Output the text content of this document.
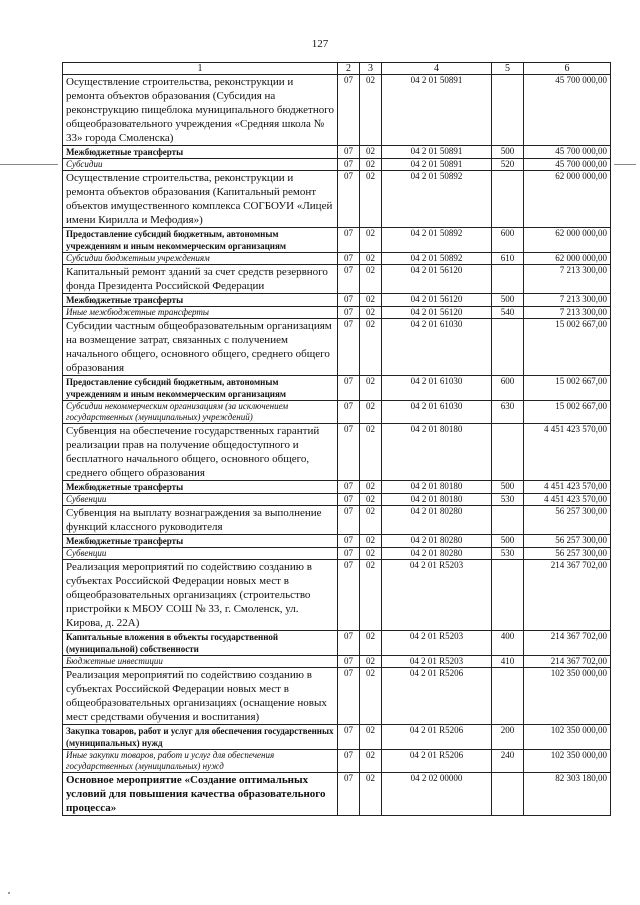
127
1	2	3	4	5	6
Осуществление строительства, реконструкции и ремонта объектов образования (Субсидия на реконструкцию пищеблока муниципального бюджетного общеобразовательного учреждения «Средняя школа № 33» города Смоленска)	07	02	04 2 01 50891		45 700 000,00
Межбюджетные трансферты	07	02	04 2 01 50891	500	45 700 000,00
Субсидии	07	02	04 2 01 50891	520	45 700 000,00
Осуществление строительства, реконструкции и ремонта объектов образования (Капитальный ремонт объектов имущественного комплекса СОГБОУИ «Лицей имени Кирилла и Мефодия»)	07	02	04 2 01 50892		62 000 000,00
Предоставление субсидий бюджетным, автономным учреждениям и иным некоммерческим организациям	07	02	04 2 01 50892	600	62 000 000,00
Субсидии бюджетным учреждениям	07	02	04 2 01 50892	610	62 000 000,00
Капитальный ремонт зданий за счет средств резервного фонда Президента Российской Федерации	07	02	04 2 01 56120		7 213 300,00
Межбюджетные трансферты	07	02	04 2 01 56120	500	7 213 300,00
Иные межбюджетные трансферты	07	02	04 2 01 56120	540	7 213 300,00
Субсидии частным общеобразовательным организациям на возмещение затрат, связанных с получением начального общего, основного общего, среднего общего образования	07	02	04 2 01 61030		15 002 667,00
Предоставление субсидий бюджетным, автономным учреждениям и иным некоммерческим организациям	07	02	04 2 01 61030	600	15 002 667,00
Субсидии некоммерческим организациям (за исключением государственных (муниципальных) учреждений)	07	02	04 2 01 61030	630	15 002 667,00
Субвенция на обеспечение государственных гарантий реализации прав на получение общедоступного и бесплатного начального общего, основного общего, среднего общего образования	07	02	04 2 01 80180		4 451 423 570,00
Межбюджетные трансферты	07	02	04 2 01 80180	500	4 451 423 570,00
Субвенции	07	02	04 2 01 80180	530	4 451 423 570,00
Субвенция на выплату вознаграждения за выполнение функций классного руководителя	07	02	04 2 01 80280		56 257 300,00
Межбюджетные трансферты	07	02	04 2 01 80280	500	56 257 300,00
Субвенции	07	02	04 2 01 80280	530	56 257 300,00
Реализация мероприятий по содействию созданию в субъектах Российской Федерации новых мест в общеобразовательных организациях (строительство пристройки к МБОУ СОШ № 33, г. Смоленск, ул. Кирова, д. 22А)	07	02	04 2 01 R5203		214 367 702,00
Капитальные вложения в объекты государственной (муниципальной) собственности	07	02	04 2 01 R5203	400	214 367 702,00
Бюджетные инвестиции	07	02	04 2 01 R5203	410	214 367 702,00
Реализация мероприятий по содействию созданию в субъектах Российской Федерации новых мест в общеобразовательных организациях (оснащение новых мест средствами обучения и воспитания)	07	02	04 2 01 R5206		102 350 000,00
Закупка товаров, работ и услуг для обеспечения государственных (муниципальных) нужд	07	02	04 2 01 R5206	200	102 350 000,00
Иные закупки товаров, работ и услуг для обеспечения государственных (муниципальных) нужд	07	02	04 2 01 R5206	240	102 350 000,00
Основное мероприятие «Создание оптимальных условий для повышения качества образовательного процесса»	07	02	04 2 02 00000		82 303 180,00
